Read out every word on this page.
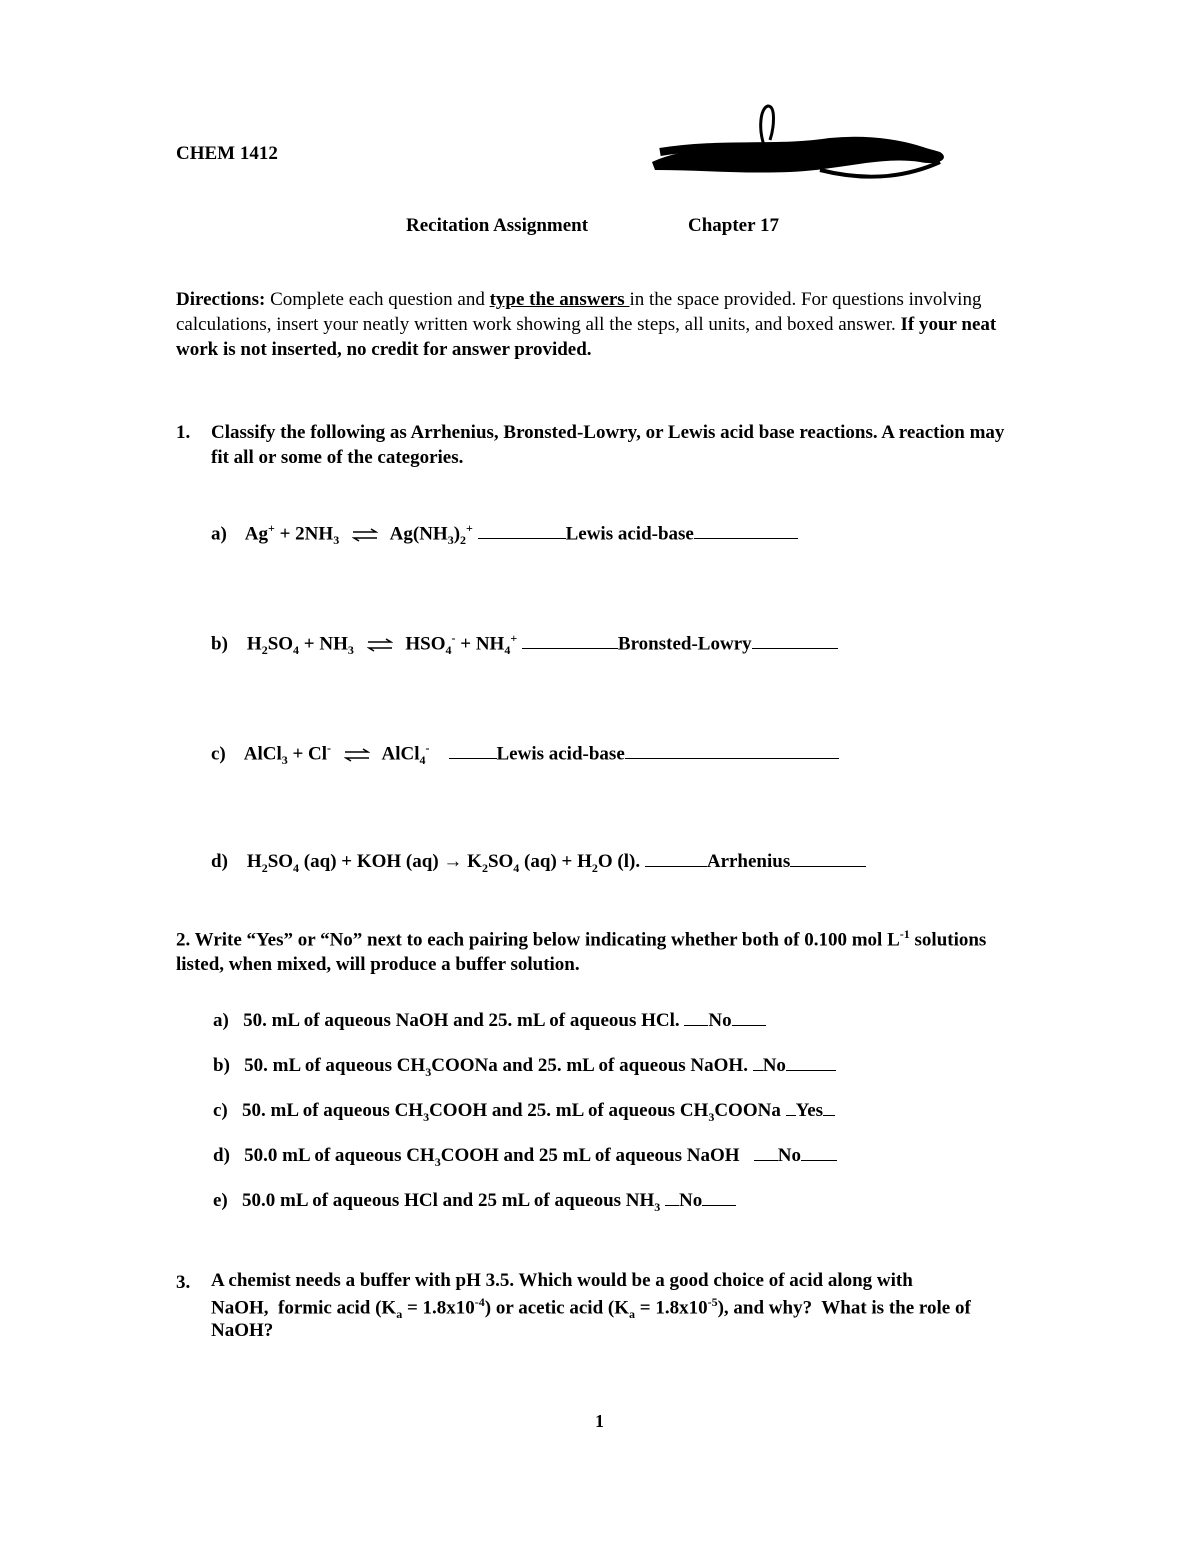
CHEM 1412
Recitation Assignment	Chapter 17
Directions: Complete each question and type the answers in the space provided. For questions involving calculations, insert your neatly written work showing all the steps, all units, and boxed answer. If your neat work is not inserted, no credit for answer provided.
1. Classify the following as Arrhenius, Bronsted-Lowry, or Lewis acid base reactions. A reaction may fit all or some of the categories.
a)    $Ag^+ + 2NH_3$ ⇌ $Ag(NH_3)_2^+$	Lewis acid-base
b)    $H_2SO_4 + NH_3$ ⇌ $HSO_4^- + NH_4^+$	Bronsted-Lowry
c)    AlCl$_3$ + Cl- ⇌ AlCl$_4$-	Lewis acid-base
d)    $H_2SO_4$ (aq) + KOH $(aq) \to K_2SO_4$ $(aq) + H_2O$ (l).	Arrhenius
2. Write “Yes” or “No” next to each pairing below indicating whether both of 0.100 mol $L^{-1}$ solutions listed, when mixed, will produce a buffer solution.
a)   50. mL of aqueous NaOH and 25. mL of aqueous HCl. No
b)   50. mL of aqueous $CH_3COONa$ and 25. mL of aqueous NaOH. No
c)   50. mL of aqueous $CH_3COOH$ and 25. mL of aqueous $CH_3COONa$ Yes
d)   50.0 mL of aqueous $CH_3COOH$ and 25 mL of aqueous NaOH   No
e)   50.0 mL of aqueous HCl and 25 mL of aqueous $NH_3$ No
3. A chemist needs a buffer with pH 3.5. Which would be a good choice of acid along with
NaOH,  formic acid $(K_a = 1.8x10^{-4})$ or acetic acid $(K_a = 1.8x10^{-5})$, and why?  What is the role of
NaOH?
1
